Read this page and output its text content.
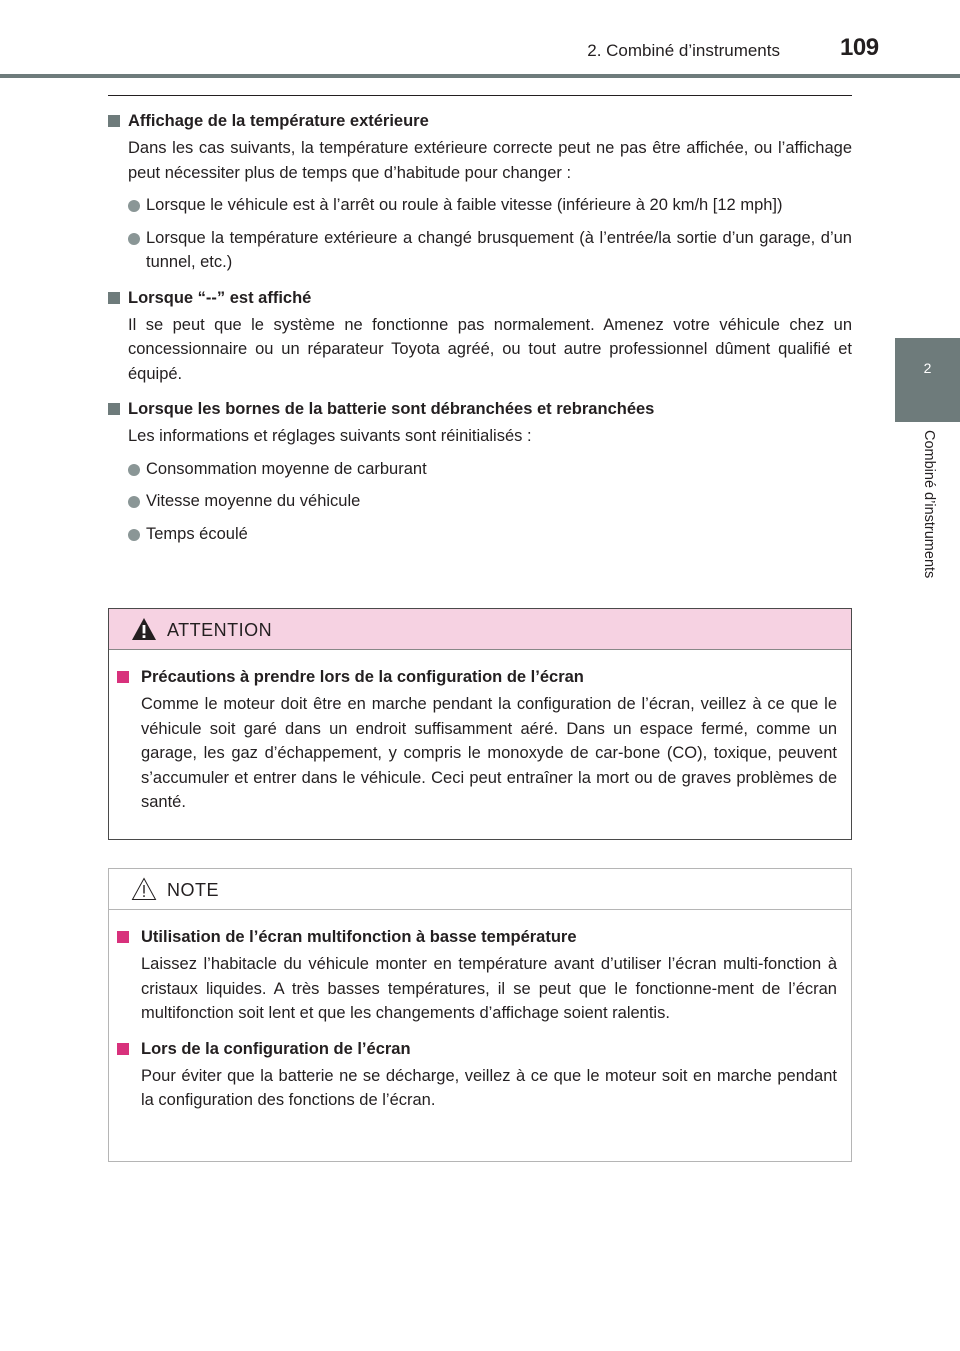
2. Combiné d’instruments	109
2
Combiné d’instruments
Affichage de la température extérieure

Dans les cas suivants, la température extérieure correcte peut ne pas être affichée, ou l’affichage peut nécessiter plus de temps que d’habitude pour changer :

Lorsque le véhicule est à l’arrêt ou roule à faible vitesse (inférieure à 20 km/h [12 mph])
Lorsque la température extérieure a changé brusquement (à l’entrée/la sortie d’un garage, d’un tunnel, etc.)
Lorsque “--” est affiché

Il se peut que le système ne fonctionne pas normalement. Amenez votre véhicule chez un concessionnaire ou un réparateur Toyota agréé, ou tout autre professionnel dûment qualifié et équipé.

Lorsque les bornes de la batterie sont débranchées et rebranchées

Les informations et réglages suivants sont réinitialisés :

Consommation moyenne de carburant
Vitesse moyenne du véhicule
Temps écoulé
ATTENTION
Précautions à prendre lors de la configuration de l’écran

Comme le moteur doit être en marche pendant la configuration de l’écran, veillez à ce que le véhicule soit garé dans un endroit suffisamment aéré. Dans un espace fermé, comme un garage, les gaz d’échappement, y compris le monoxyde de car-bone (CO), toxique, peuvent s’accumuler et entrer dans le véhicule. Ceci peut entraîner la mort ou de graves problèmes de santé.

NOTE
Utilisation de l’écran multifonction à basse température

Laissez l’habitacle du véhicule monter en température avant d’utiliser l’écran multi-fonction à cristaux liquides. A très basses températures, il se peut que le fonctionne-ment de l’écran multifonction soit lent et que les changements d’affichage soient ralentis.

Lors de la configuration de l’écran

Pour éviter que la batterie ne se décharge, veillez à ce que le moteur soit en marche pendant la configuration des fonctions de l’écran.
